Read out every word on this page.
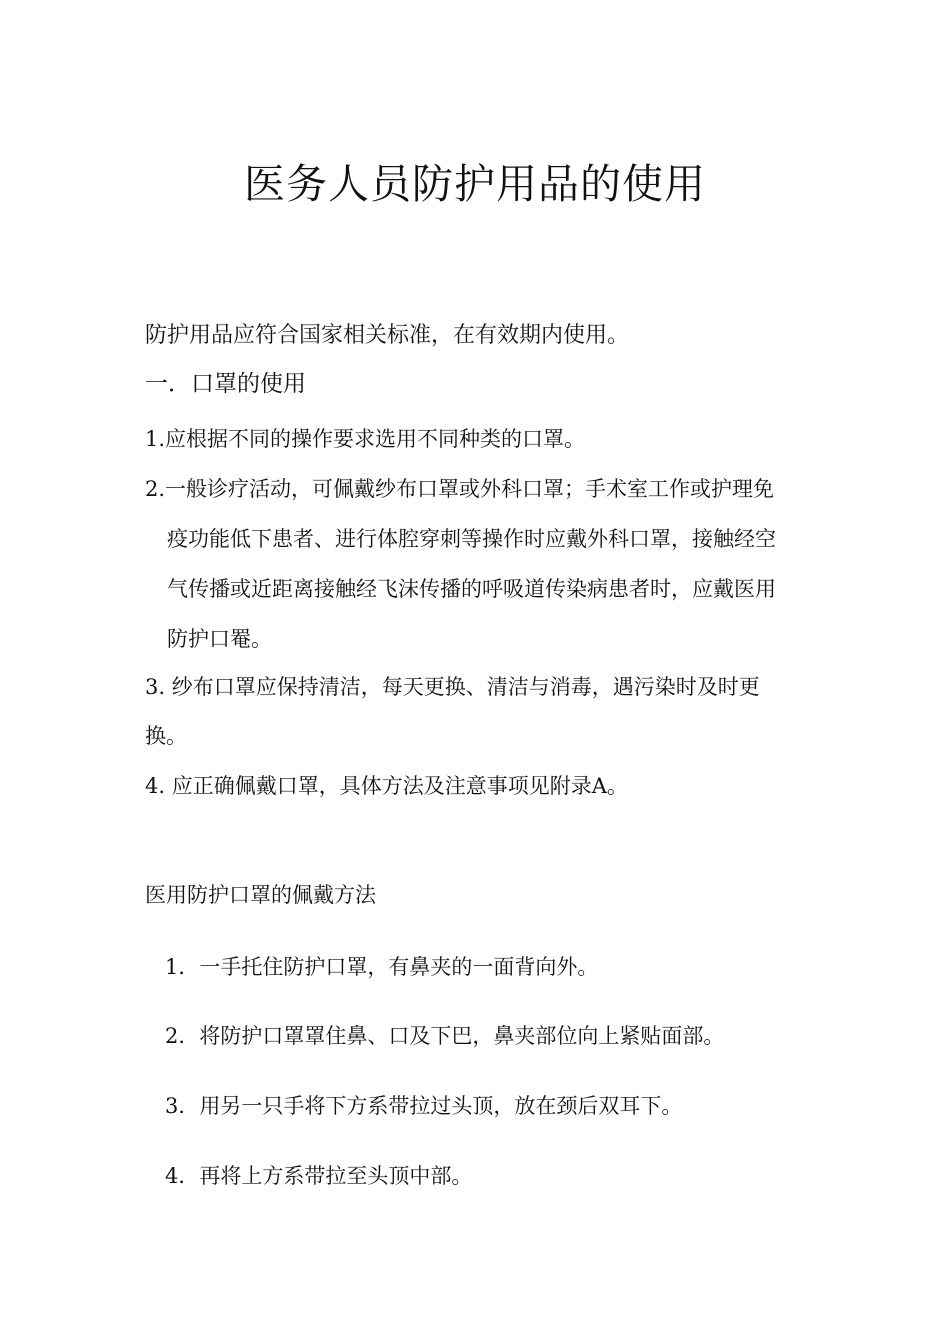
医务人员防护用品的使用

防护用品应符合国家相关标准，在有效期内使用。

一．口罩的使用

1.应根据不同的操作要求选用不同种类的口罩。

2.一般诊疗活动，可佩戴纱布口罩或外科口罩；手术室工作或护理免
疫功能低下患者、进行体腔穿刺等操作时应戴外科口罩，接触经空
气传播或近距离接触经飞沫传播的呼吸道传染病患者时，应戴医用
防护口罨。

3. 纱布口罩应保持清洁，每天更换、清洁与消毒，遇污染时及时更

换。

4. 应正确佩戴口罩，具体方法及注意事项见附录A。

医用防护口罩的佩戴方法

1．一手托住防护口罩，有鼻夹的一面背向外。

2．将防护口罩罩住鼻、口及下巴，鼻夹部位向上紧贴面部。

3．用另一只手将下方系带拉过头顶，放在颈后双耳下。

4．再将上方系带拉至头顶中部。
